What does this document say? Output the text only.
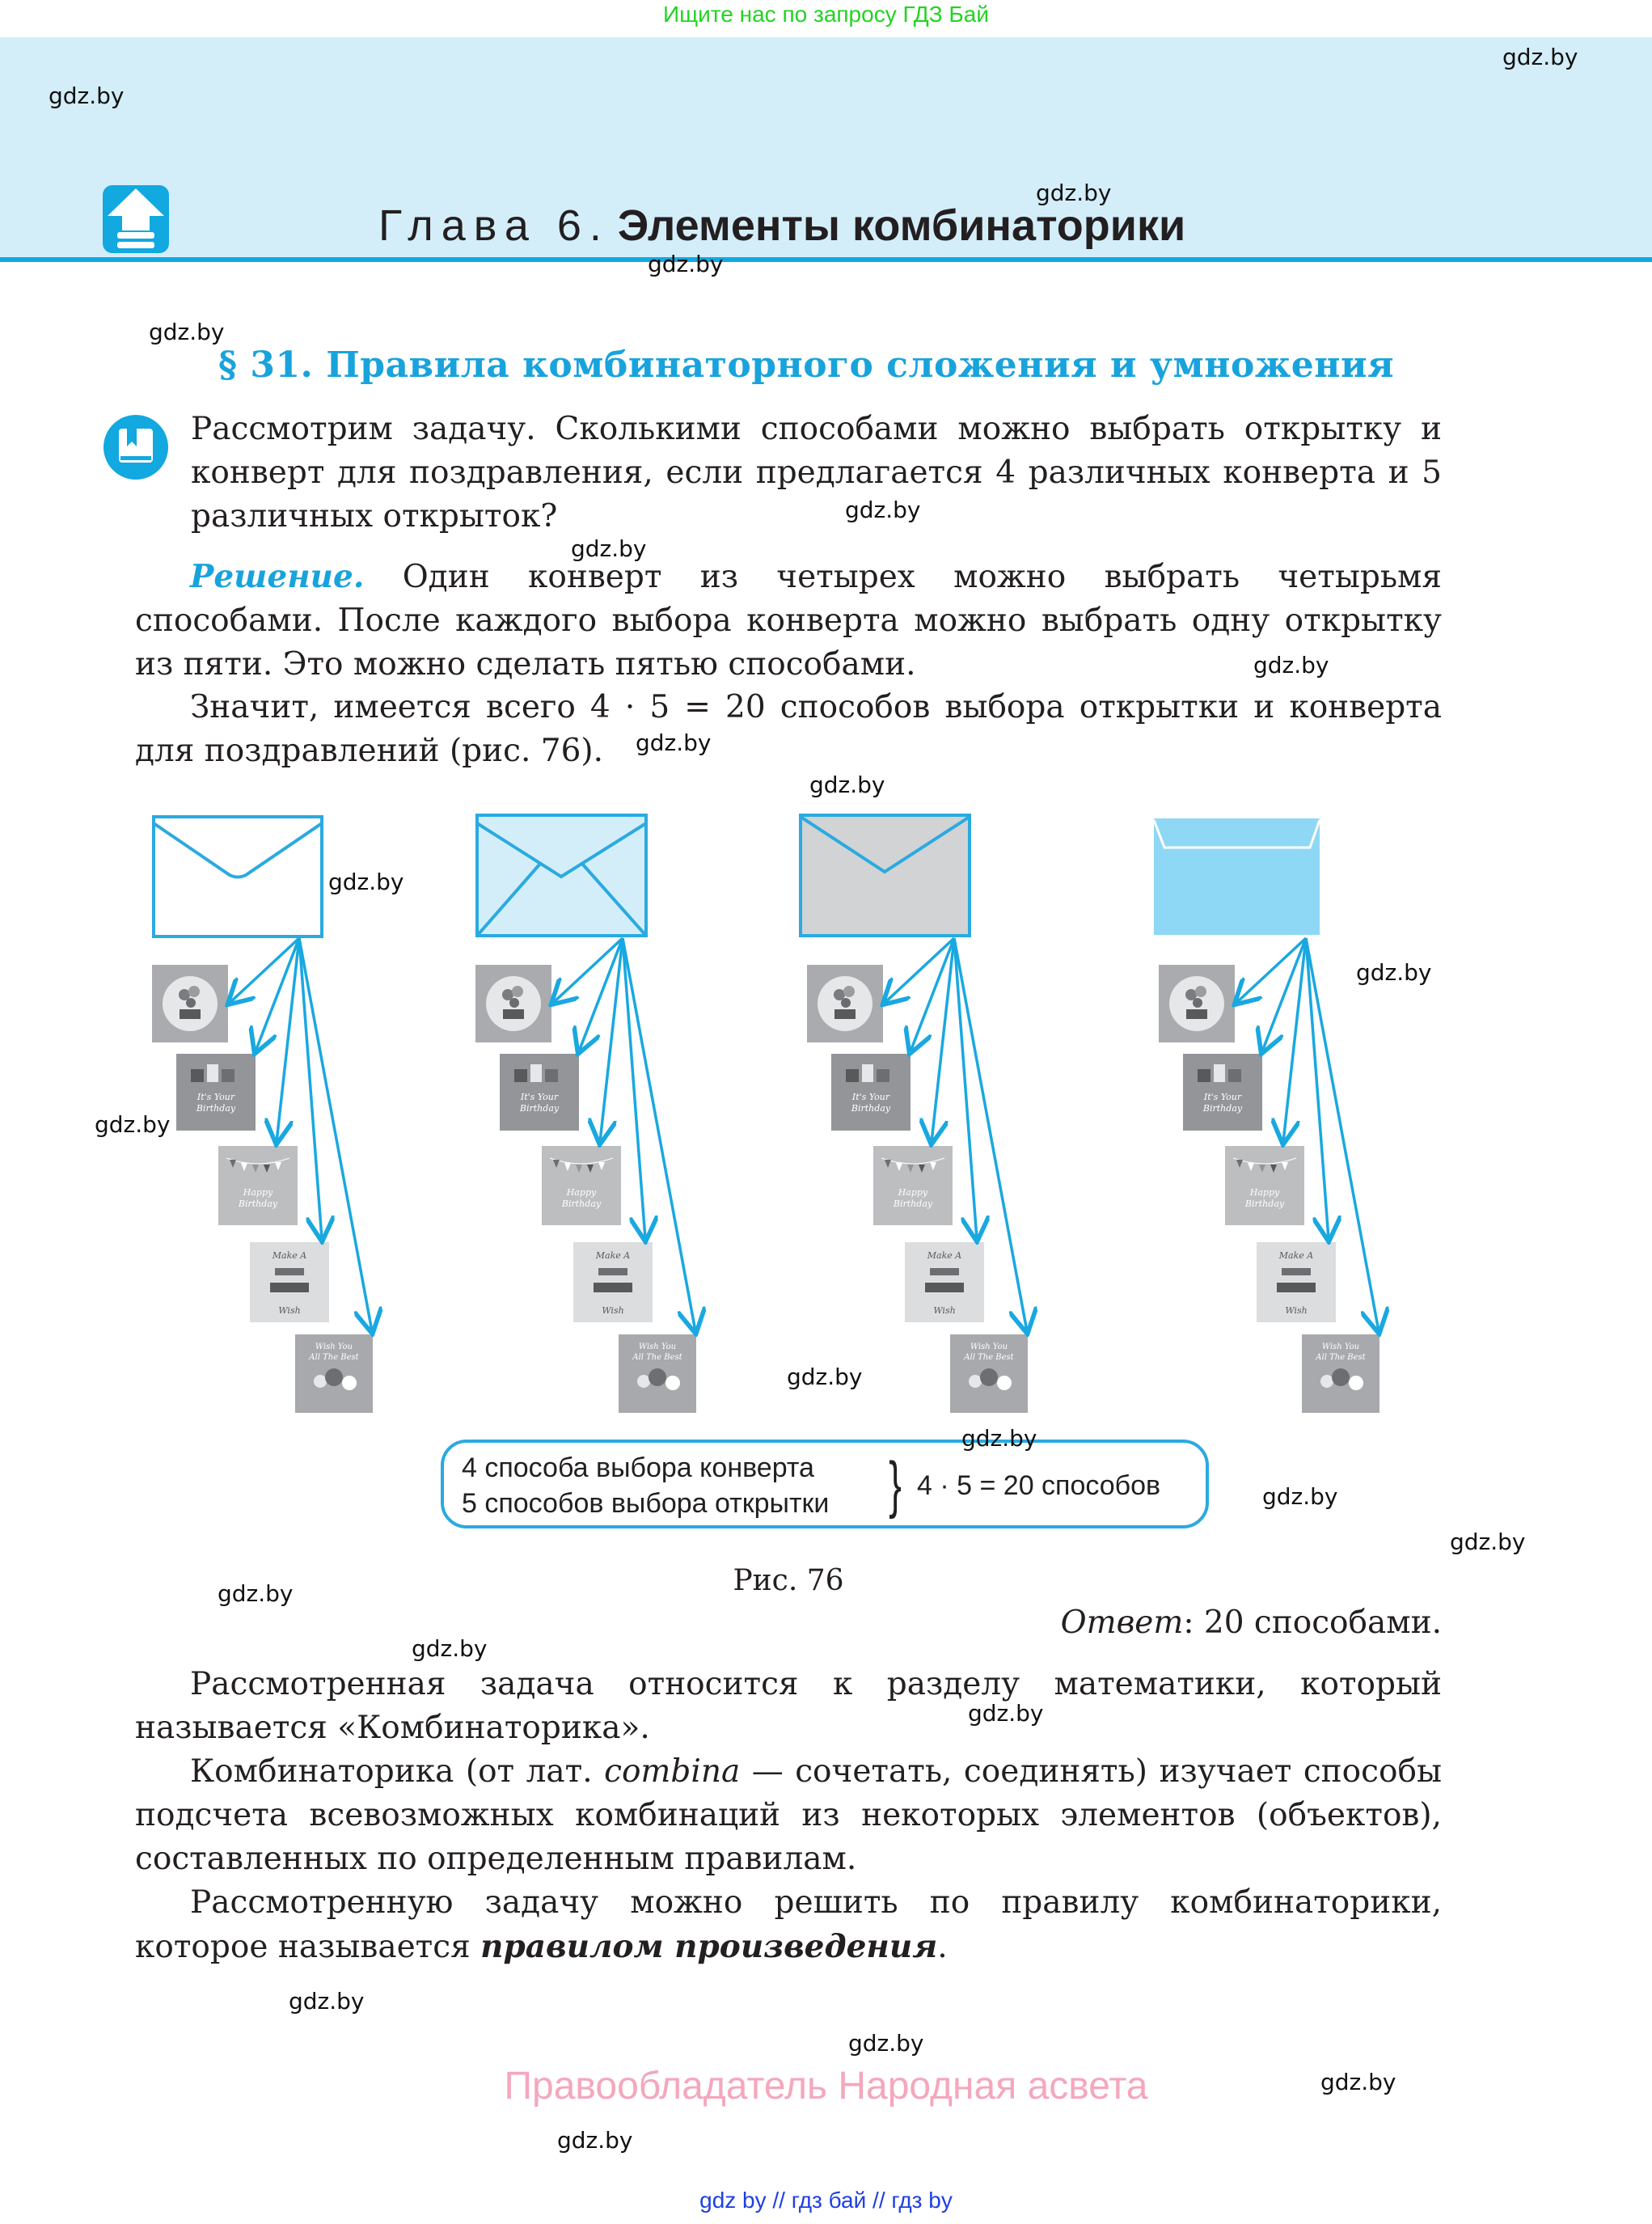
Ищите нас по запросу ГДЗ Бай
Глава 6. Элементы комбинаторики
§ 31. Правила комбинаторного сложения и умножения
Рассмотрим задачу. Сколькими способами можно выбрать открытку и конверт для поздравления, если предлагается 4 различных конверта и 5 различных открыток?
Решение. Один конверт из четырех можно выбрать четырьмя способами. После каждого выбора конверта можно выбрать одну открытку из пяти. Это можно сделать пятью способами.
Значит, имеется всего 4 · 5 = 20 способов выбора открытки и конверта для поздравлений (рис. 76).
4 способа выбора конверта
5 способов выбора открытки } 4 · 5 = 20 способов
Рис. 76
Ответ: 20 способами.
Рассмотренная задача относится к разделу математики, который называется «Комбинаторика».
Комбинаторика (от лат. combina — сочетать, соединять) изучает способы подсчета всевозможных комбинаций из некоторых элементов (объектов), составленных по определенным правилам.
Рассмотренную задачу можно решить по правилу комбинаторики, которое называется правилом произведения.
Правообладатель Народная асвета
gdz by // гдз бай // гдз by
gdz.by
gdz.by
gdz.by
gdz.by
gdz.by
gdz.by
gdz.by
gdz.by
gdz.by
gdz.by
gdz.by
gdz.by
gdz.by
gdz.by
gdz.by
gdz.by
gdz.by
gdz.by
gdz.by
gdz.by
gdz.by
gdz.by
gdz.by
gdz.by
